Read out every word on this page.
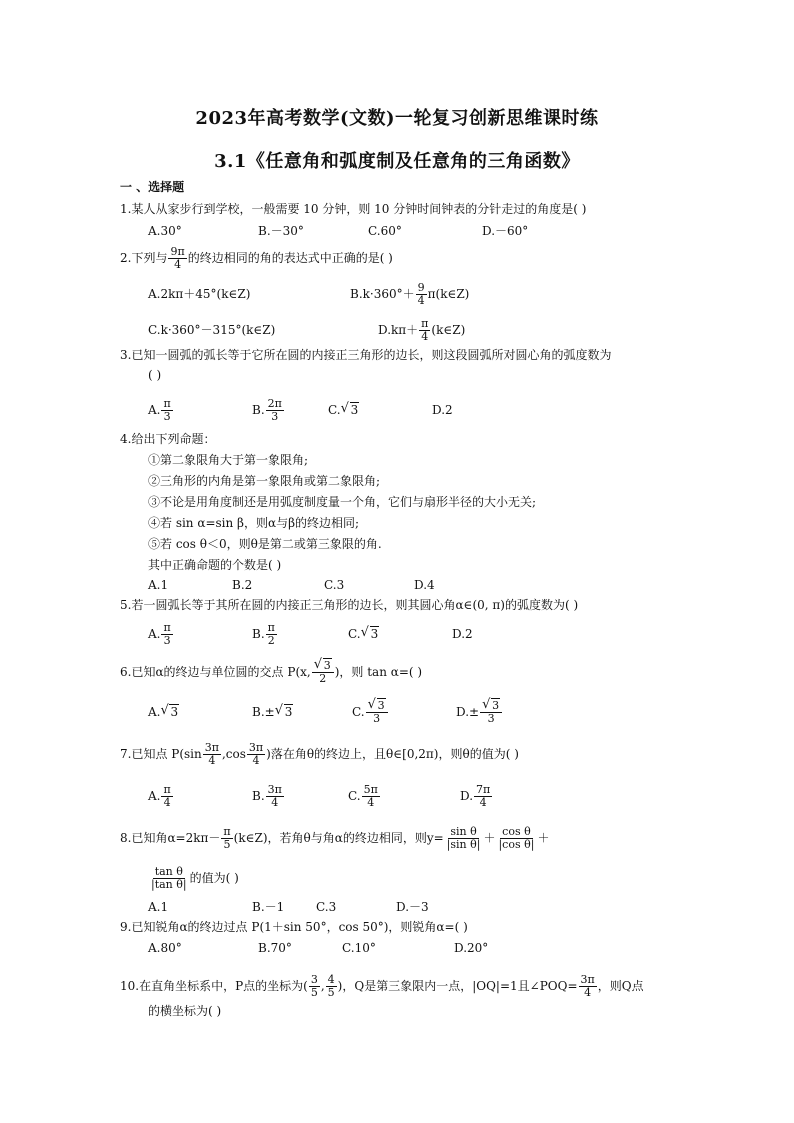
2023年高考数学(文数)一轮复习创新思维课时练
3.1《任意角和弧度制及任意角的三角函数》
一 、选择题
1.某人从家步行到学校，一般需要 10 分钟，则 10 分钟时间钟表的分针走过的角度是( )
A.30°	B.－30°	C.60°	D.－60°
2.下列与 $\frac{9\pi}{4}$ 的终边相同的角的表达式中正确的是( )
A.2kπ＋45°(k∈Z)	$B.k\cdot 360^\circ+ \frac{9}{4}$ π(k∈Z)
C.k·360°－315°(k∈Z)	$D.k\pi+ \frac{\pi}{4}$ (k∈Z)
3.已知一圆弧的弧长等于它所在圆的内接正三角形的边长，则这段圆弧所对圆心角的弧度数为
( )
A. $\frac{\pi}{3}$	B. $\frac{2\pi}{3}$	C. √ 3	D.2
4.给出下列命题：
①第二象限角大于第一象限角;
②三角形的内角是第一象限角或第二象限角;
③不论是用角度制还是用弧度制度量一个角，它们与扇形半径的大小无关;
④若 sin α=sin β，则α与β的终边相同;
⑤若 cos θ＜0，则θ是第二或第三象限的角.
其中正确命题的个数是( )
A.1	B.2	C.3	D.4
5.若一圆弧长等于其所在圆的内接正三角形的边长，则其圆心角α∈(0, π)的弧度数为( )
A. $\frac{\pi}{3}$	B. $\frac{\pi}{2}$	C. √ 3	D.2
6.已知α的终边与单位圆的交点 P(x, √ $\frac{3}{2}$ )，则 tan α=( )
A. √ 3	B.± √ 3	C. √ $\frac{3}{3}$	D.± √ $\frac{3}{3}$
7.已知点 $P(\sin \frac{3\pi}{4} ,\cos \frac{3\pi}{4}$ )落在角θ的终边上，且θ∈[0,2π)，则θ的值为( )
A. $\frac{\pi}{4}$	B. $\frac{3\pi}{4}$	C. $\frac{5\pi}{4}$	D. $\frac{7\pi}{4}$
8.已知角$\alpha=2k\pi- \frac{\pi}{5}$ (k∈Z)，若角θ与角α的终边相同，则$y= \frac{\text{sin θ}}{\text{|sin θ|}} + \frac{\text{cos θ}}{\text{|cos θ|}}$ ＋
$\frac{\text{tan θ}}{\text{|tan θ|}}$ 的值为( )
A.1	B.－1	C.3	D.－3
9.已知锐角α的终边过点 P(1＋sin 50°，cos 50°)，则锐角α=( )
A.80°	B.70°	C.10°	D.20°
10.在直角坐标系中，P点的坐标为( $\frac{3}{5}$ , $\frac{4}{5}$ )，Q是第三象限内一点，|OQ|=1且∠POQ= $\frac{3\pi}{4}$ ，则Q点
的横坐标为( )
